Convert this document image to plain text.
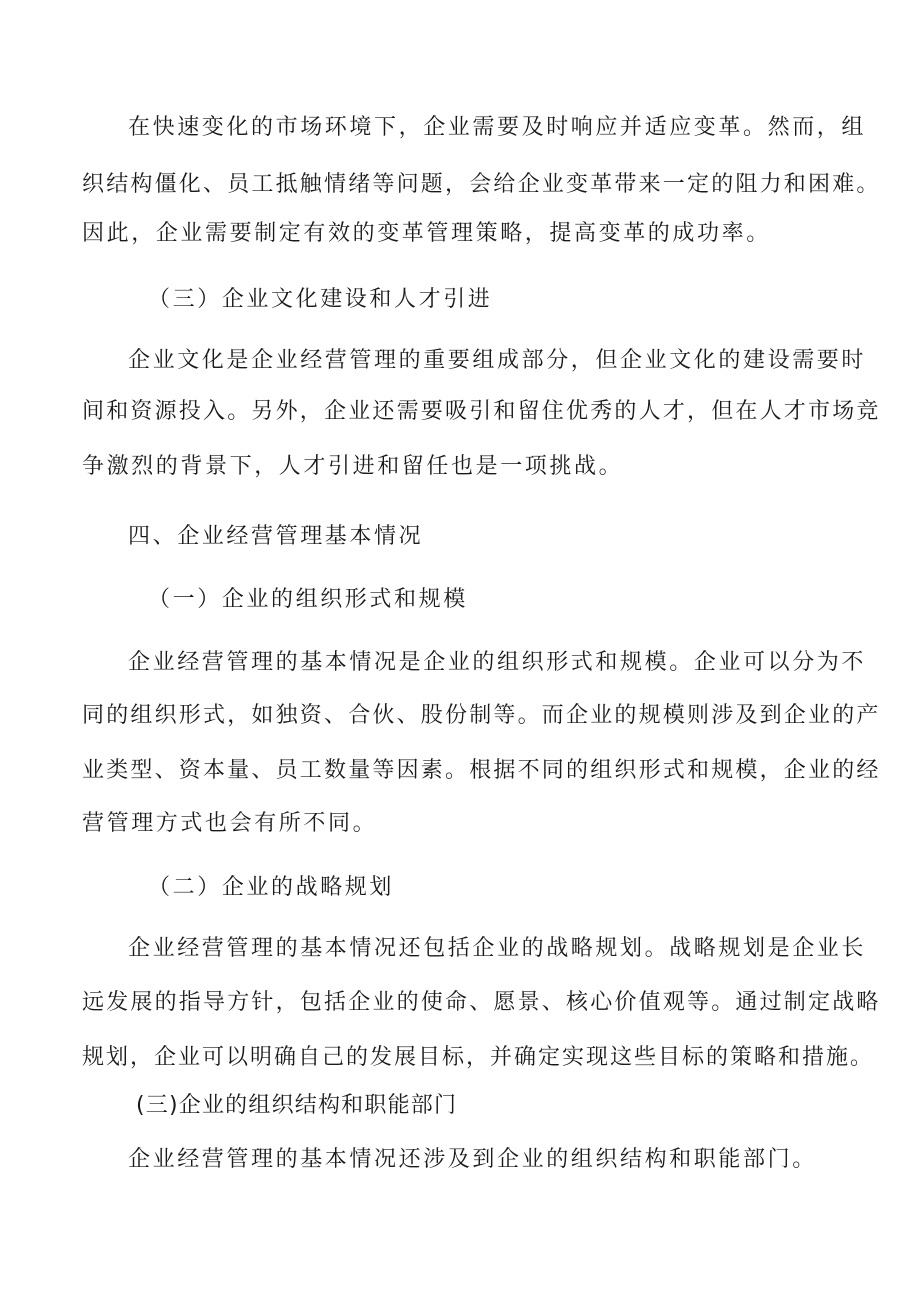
在快速变化的市场环境下，企业需要及时响应并适应变革。然而，组
织结构僵化、员工抵触情绪等问题，会给企业变革带来一定的阻力和困难。
因此，企业需要制定有效的变革管理策略，提高变革的成功率。
（三）企业文化建设和人才引进
企业文化是企业经营管理的重要组成部分，但企业文化的建设需要时
间和资源投入。另外，企业还需要吸引和留住优秀的人才，但在人才市场竞
争激烈的背景下，人才引进和留任也是一项挑战。
四、企业经营管理基本情况
（一）企业的组织形式和规模
企业经营管理的基本情况是企业的组织形式和规模。企业可以分为不
同的组织形式，如独资、合伙、股份制等。而企业的规模则涉及到企业的产
业类型、资本量、员工数量等因素。根据不同的组织形式和规模，企业的经
营管理方式也会有所不同。
（二）企业的战略规划
企业经营管理的基本情况还包括企业的战略规划。战略规划是企业长
远发展的指导方针，包括企业的使命、愿景、核心价值观等。通过制定战略
规划，企业可以明确自己的发展目标，并确定实现这些目标的策略和措施。
(三)企业的组织结构和职能部门
企业经营管理的基本情况还涉及到企业的组织结构和职能部门。
